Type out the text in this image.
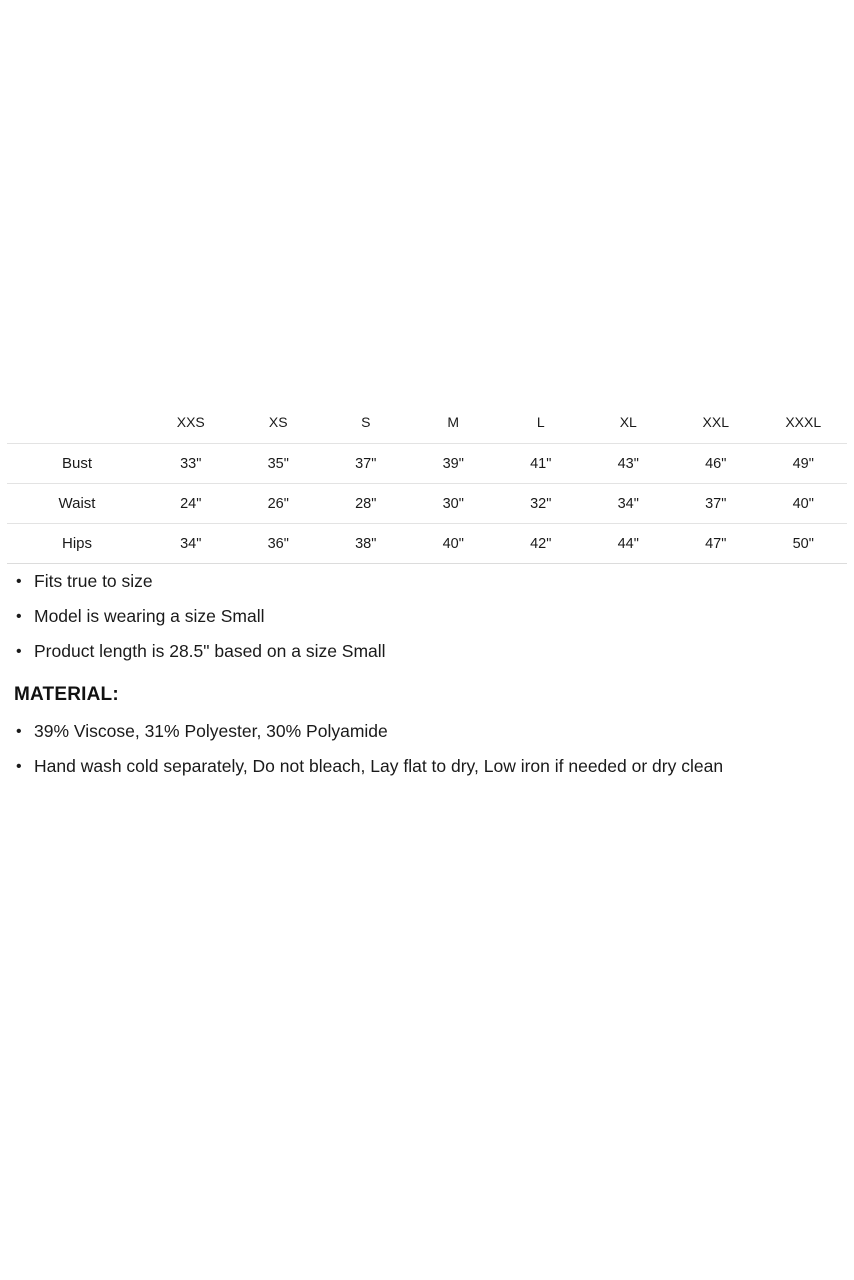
	XXS	XS	S	M	L	XL	XXL	XXXL
Bust	33"	35"	37"	39"	41"	43"	46"	49"
Waist	24"	26"	28"	30"	32"	34"	37"	40"
Hips	34"	36"	38"	40"	42"	44"	47"	50"
• Fits true to size
• Model is wearing a size Small
• Product length is 28.5" based on a size Small
MATERIAL:
• 39% Viscose, 31% Polyester, 30% Polyamide
• Hand wash cold separately, Do not bleach, Lay flat to dry, Low iron if needed or dry clean
